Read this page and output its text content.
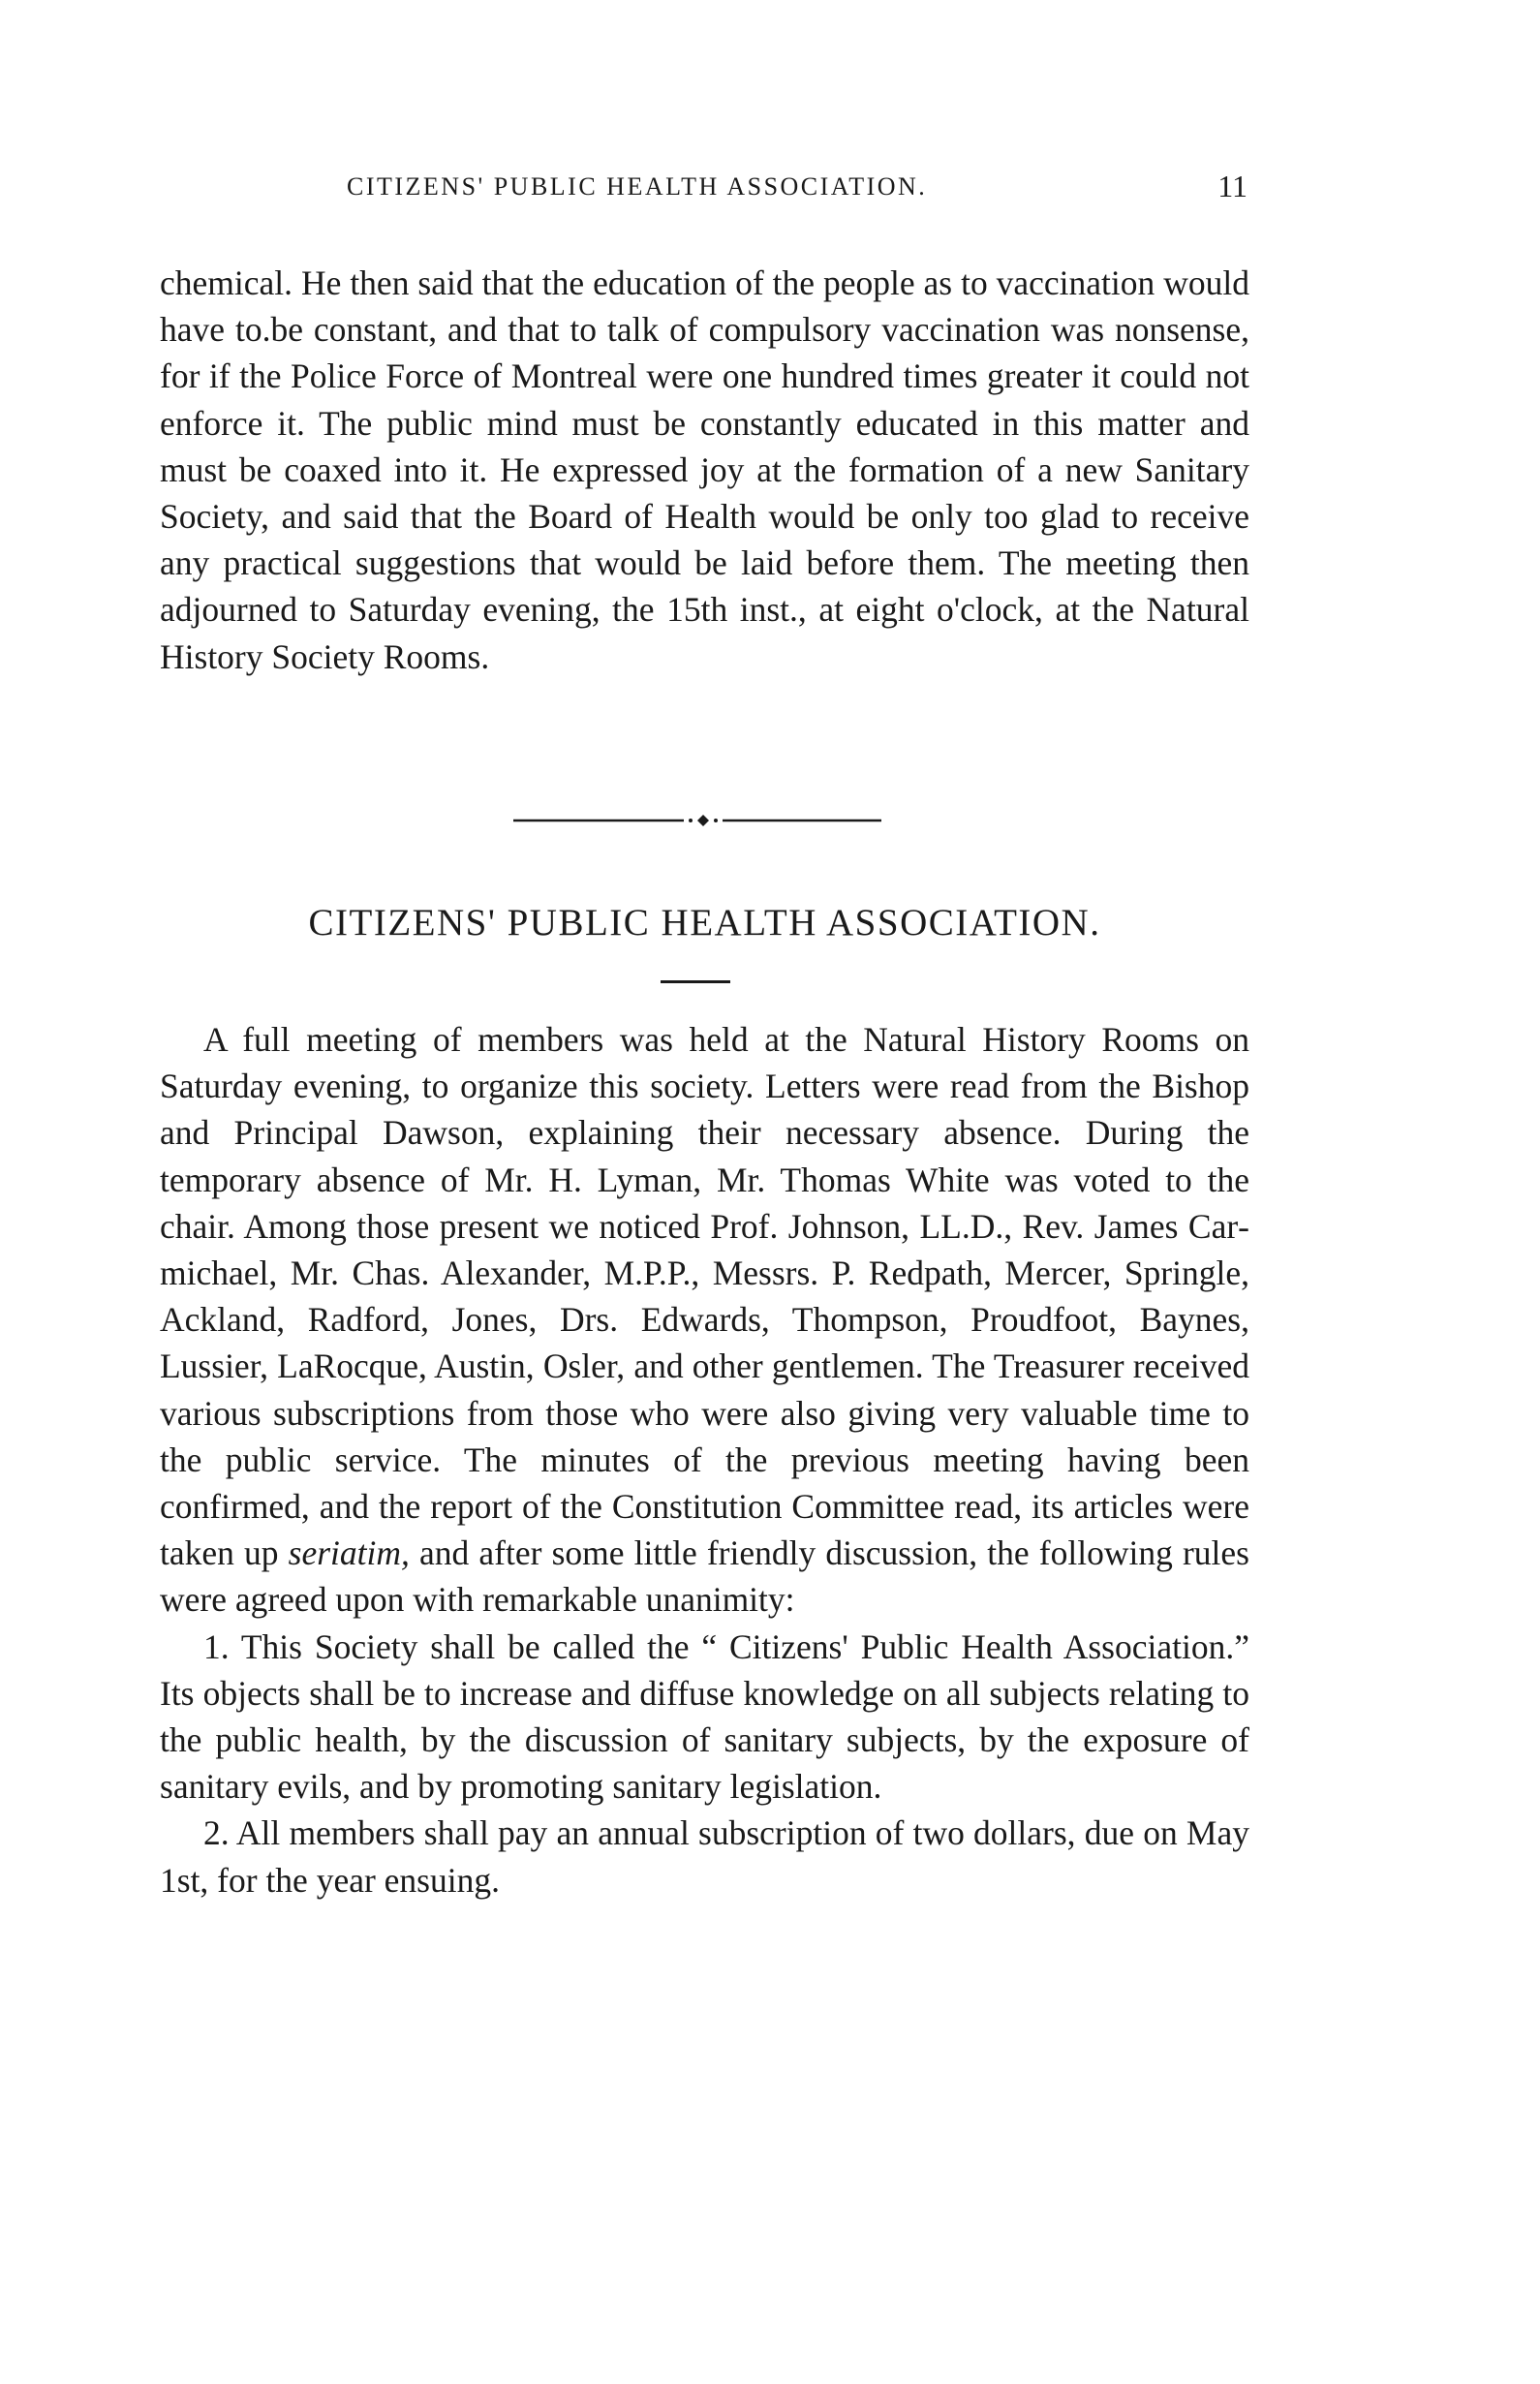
CITIZENS' PUBLIC HEALTH ASSOCIATION.	11

chemical. He then said that the education of the people as to vaccination would have to.be constant, and that to talk of compulsory vaccination was nonsense, for if the Police Force of Montreal were one hundred times greater it could not enforce it. The public mind must be constantly educated in this matter and must be coaxed into it. He expressed joy at the formation of a new Sanitary Society, and said that the Board of Health would be only too glad to receive any practical suggestions that would be laid before them. The meeting then adjourned to Saturday evening, the 15th inst., at eight o'clock, at the Natural History Society Rooms.

CITIZENS' PUBLIC HEALTH ASSOCIATION.

A full meeting of members was held at the Natural History Rooms on Saturday evening, to organize this society. Letters were read from the Bishop and Principal Dawson, explaining their necessary absence. During the temporary absence of Mr. H. Lyman, Mr. Thomas White was voted to the chair. Among those present we noticed Prof. Johnson, LL.D., Rev. James Carmichael, Mr. Chas. Alexander, M.P.P., Messrs. P. Redpath, Mercer, Springle, Ackland, Radford, Jones, Drs. Edwards, Thompson, Proudfoot, Baynes, Lussier, LaRocque, Austin, Osler, and other gentlemen. The Treasurer received various subscriptions from those who were also giving very valuable time to the public service. The minutes of the previous meeting having been confirmed, and the report of the Constitution Committee read, its articles were taken up seriatim, and after some little friendly discussion, the following rules were agreed upon with remarkable unanimity:

1. This Society shall be called the “ Citizens' Public Health Association.” Its objects shall be to increase and diffuse knowledge on all subjects relating to the public health, by the discussion of sanitary subjects, by the exposure of sanitary evils, and by promoting sanitary legislation.

2. All members shall pay an annual subscription of two dollars, due on May 1st, for the year ensuing.
